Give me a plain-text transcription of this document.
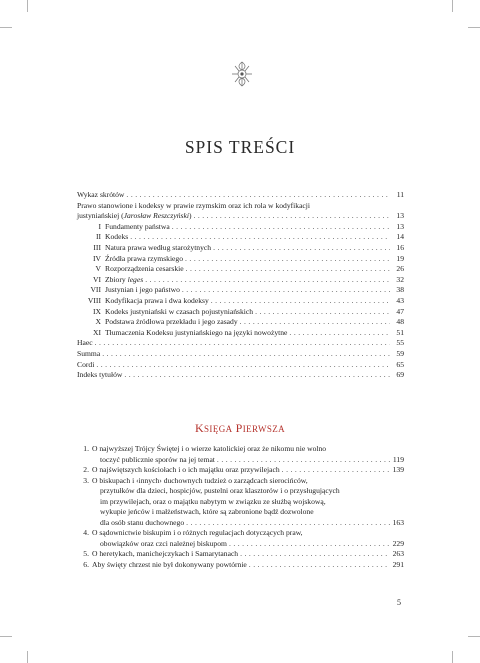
SPIS TREŚCI
Wykaz skrótów . . .	11
Prawo stanowione i kodeksy w prawie rzymskim oraz ich rola w kodyfikacji
justyniańskiej (Jarosław Reszczyński) . . .	13
I Fundamenty państwa . . .	13
II Kodeks . . .	14
III Natura prawa według starożytnych . . .	16
IV Źródła prawa rzymskiego . . .	19
V Rozporządzenia cesarskie . . .	26
VI Zbiory leges . . .	32
VII Justynian i jego państwo . . .	38
VIII Kodyfikacja prawa i dwa kodeksy . . .	43
IX Kodeks justyniański w czasach pojustyniańskich . . .	47
X Podstawa źródłowa przekładu i jego zasady . . .	48
XI Tłumaczenia Kodeksu justyniańskiego na języki nowożytne . . .	51
Haec . . .	55
Summa . . .	59
Cordi . . .	65
Indeks tytułów . . .	69
KSIĘGA PIERWSZA
1. O najwyższej Trójcy Świętej i o wierze katolickiej oraz że nikomu nie wolno
toczyć publicznie sporów na jej temat . . .	119
2. O najświętszych kościołach i o ich majątku oraz przywilejach . . .	139
3. O biskupach i ‹innych› duchownych tudzież o zarządcach sierocińców,
przytułków dla dzieci, hospicjów, pustelni oraz klasztorów i o przysługujących
im przywilejach, oraz o majątku nabytym w związku ze służbą wojskową,
wykupie jeńców i małżeństwach, które są zabronione bądź dozwolone
dla osób stanu duchownego . . .	163
4. O sądownictwie biskupim i o różnych regulacjach dotyczących praw,
obowiązków oraz czci należnej biskupom . . .	229
5. O heretykach, manichejczykach i Samarytanach . . .	263
6. Aby święty chrzest nie był dokonywany powtórnie . . .	291
5
